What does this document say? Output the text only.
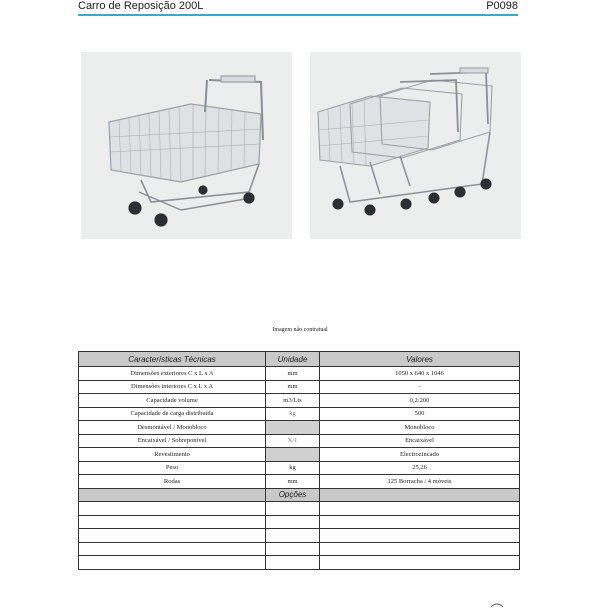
Carro de Reposição 200L	P0098
Imagem não contratual
Características Técnicas	Unidade	Valores
Dimensões exteriores C x L x A	mm	1050 x 640 x 1046
Dimensões interiores C x L x A	mm	-
Capacidade volume	m3/Lts	0,2/200
Capacidade de carga distribuída	kg	500
Desmontável / Monobloco		Monobloco
Encaixável / Sobreponível	X/1	Encaixável
Revestimento		Electrozincado
Peso	kg	25,26
Rodas	mm	125 Borracha / 4 móveis
	Opções	
